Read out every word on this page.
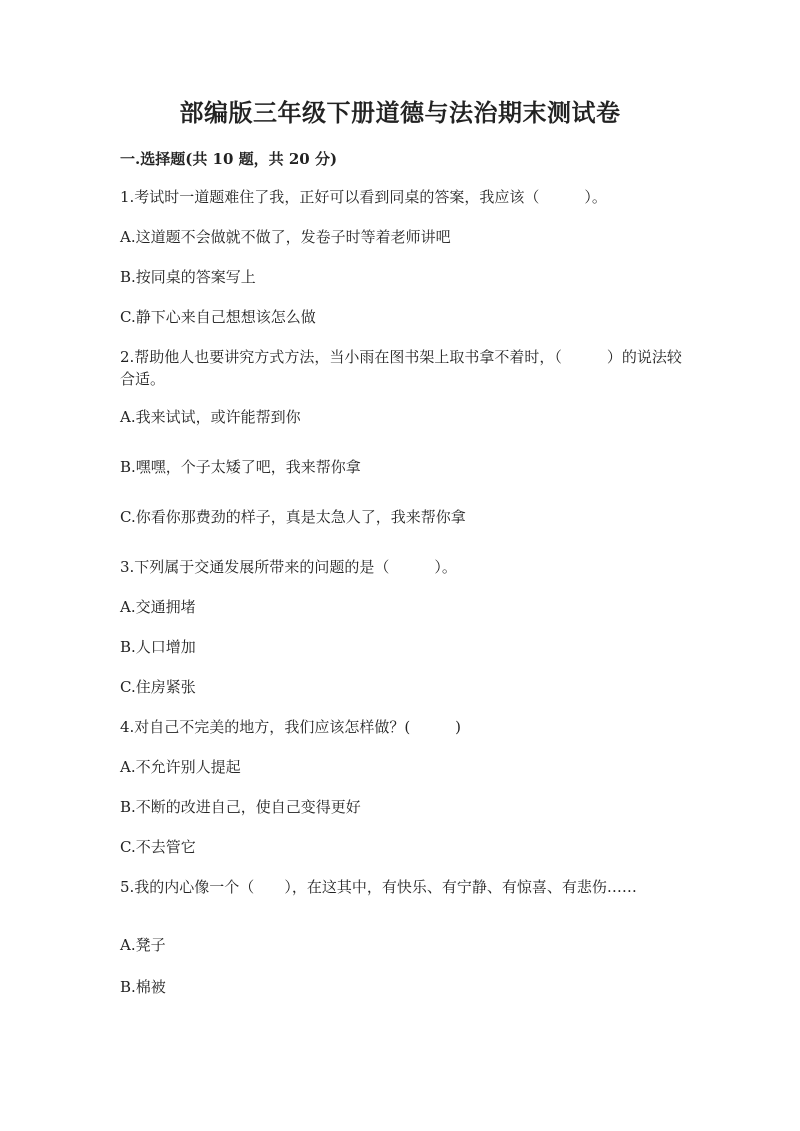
部编版三年级下册道德与法治期末测试卷

一.选择题(共 10 题，共 20 分)

1.考试时一道题难住了我，正好可以看到同桌的答案，我应该（　　　）。

A.这道题不会做就不做了，发卷子时等着老师讲吧

B.按同桌的答案写上

C.静下心来自己想想该怎么做

2.帮助他人也要讲究方式方法，当小雨在图书架上取书拿不着时，（　　　）的说法较合适。

A.我来试试，或许能帮到你

B.嘿嘿，个子太矮了吧，我来帮你拿

C.你看你那费劲的样子，真是太急人了，我来帮你拿

3.下列属于交通发展所带来的问题的是（　　　）。

A.交通拥堵

B.人口增加

C.住房紧张

4.对自己不完美的地方，我们应该怎样做？(　　　)

A.不允许别人提起

B.不断的改进自己，使自己变得更好

C.不去管它

5.我的内心像一个（　　），在这其中，有快乐、有宁静、有惊喜、有悲伤……

A.凳子

B.棉被
